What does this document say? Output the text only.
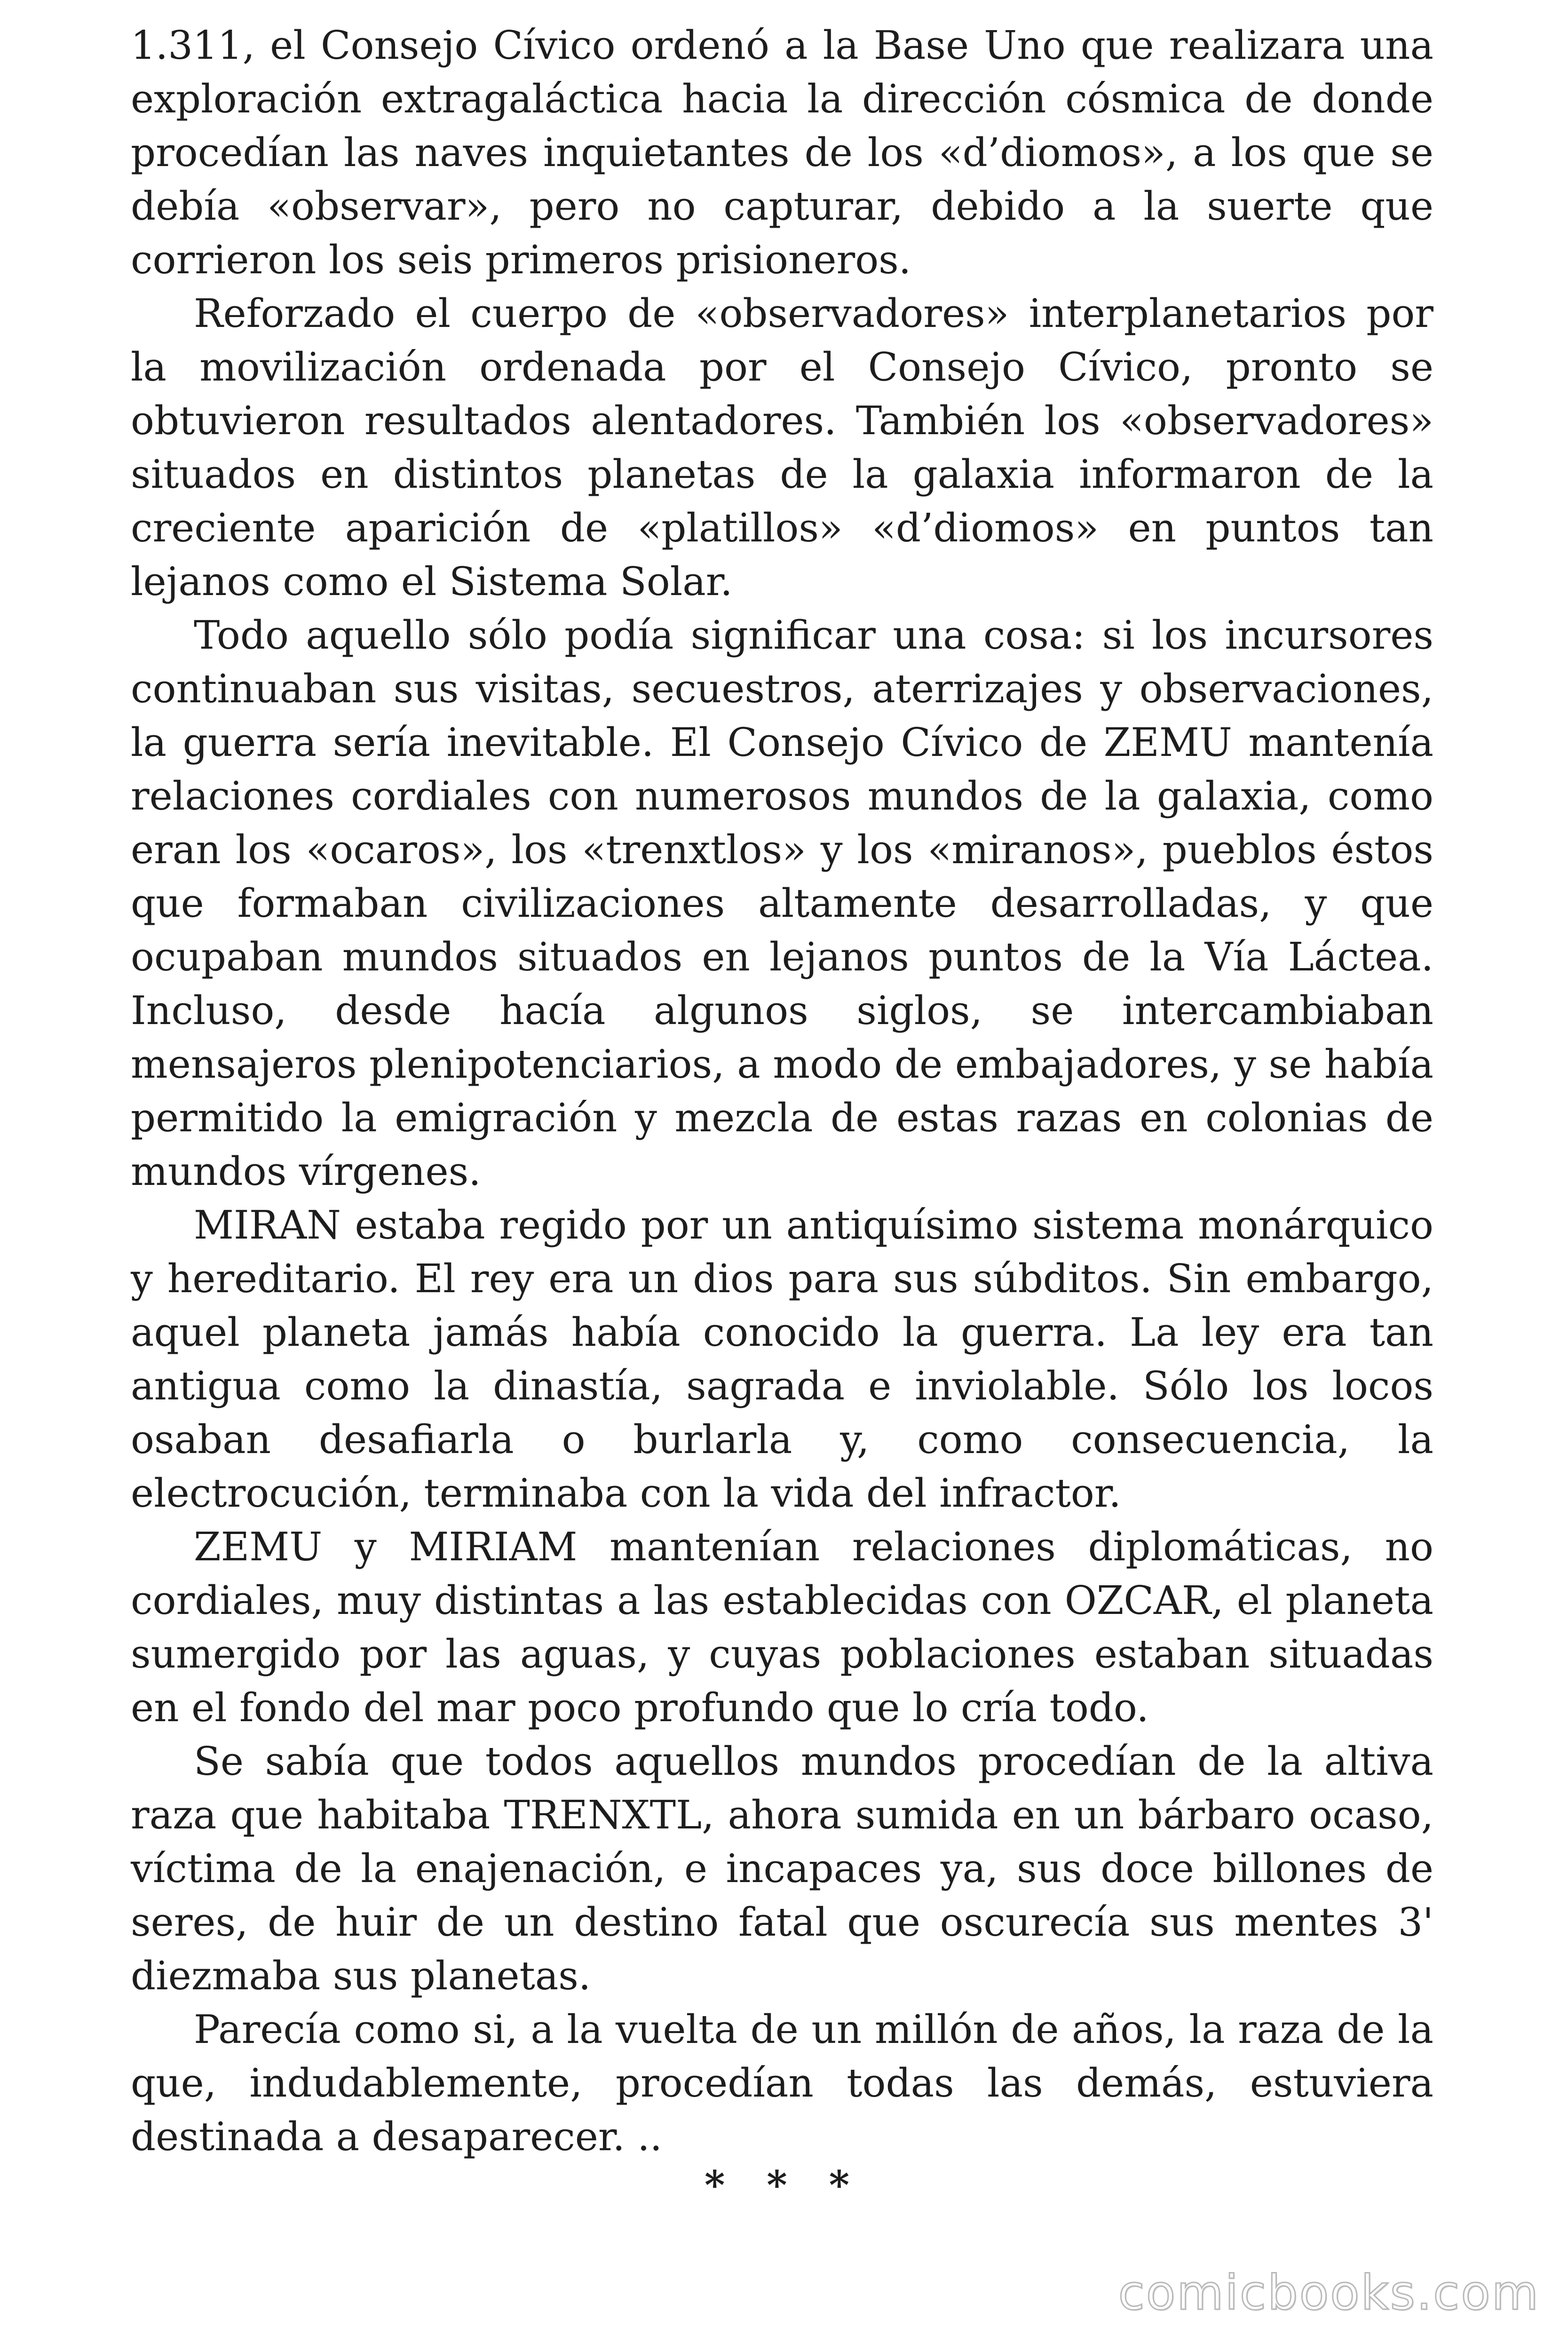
1.311, el Consejo Cívico ordenó a la Base Uno que realizara una exploración extragaláctica hacia la dirección cósmica de donde procedían las naves inquietantes de los «d’diomos», a los que se debía «observar», pero no capturar, debido a la suerte que corrieron los seis primeros prisioneros.

Reforzado el cuerpo de «observadores» interplanetarios por la movilización ordenada por el Consejo Cívico, pronto se obtuvieron resultados alentadores. También los «observadores» situados en distintos planetas de la galaxia informaron de la creciente aparición de «platillos» «d’diomos» en puntos tan lejanos como el Sistema Solar.

Todo aquello sólo podía significar una cosa: si los incursores continuaban sus visitas, secuestros, aterrizajes y observaciones, la guerra sería inevitable. El Consejo Cívico de ZEMU mantenía relaciones cordiales con numerosos mundos de la galaxia, como eran los «ocaros», los «trenxtlos» y los «miranos», pueblos éstos que formaban civilizaciones altamente desarrolladas, y que ocupaban mundos situados en lejanos puntos de la Vía Láctea. Incluso, desde hacía algunos siglos, se intercambiaban mensajeros plenipotenciarios, a modo de embajadores, y se había permitido la emigración y mezcla de estas razas en colonias de mundos vírgenes.

MIRAN estaba regido por un antiquísimo sistema monárquico y hereditario. El rey era un dios para sus súbditos. Sin embargo, aquel planeta jamás había conocido la guerra. La ley era tan antigua como la dinastía, sagrada e inviolable. Sólo los locos osaban desafiarla o burlarla y, como consecuencia, la electrocución, terminaba con la vida del infractor.

ZEMU y MIRIAM mantenían relaciones diplomáticas, no cordiales, muy distintas a las establecidas con OZCAR, el planeta sumergido por las aguas, y cuyas poblaciones estaban situadas en el fondo del mar poco profundo que lo cría todo.

Se sabía que todos aquellos mundos procedían de la altiva raza que habitaba TRENXTL, ahora sumida en un bárbaro ocaso, víctima de la enajenación, e incapaces ya, sus doce billones de seres, de huir de un destino fatal que oscurecía sus mentes 3' diezmaba sus planetas.

Parecía como si, a la vuelta de un millón de años, la raza de la que, indudablemente, procedían todas las demás, estuviera destinada a desaparecer. ..

* * *
comicbooks.com
